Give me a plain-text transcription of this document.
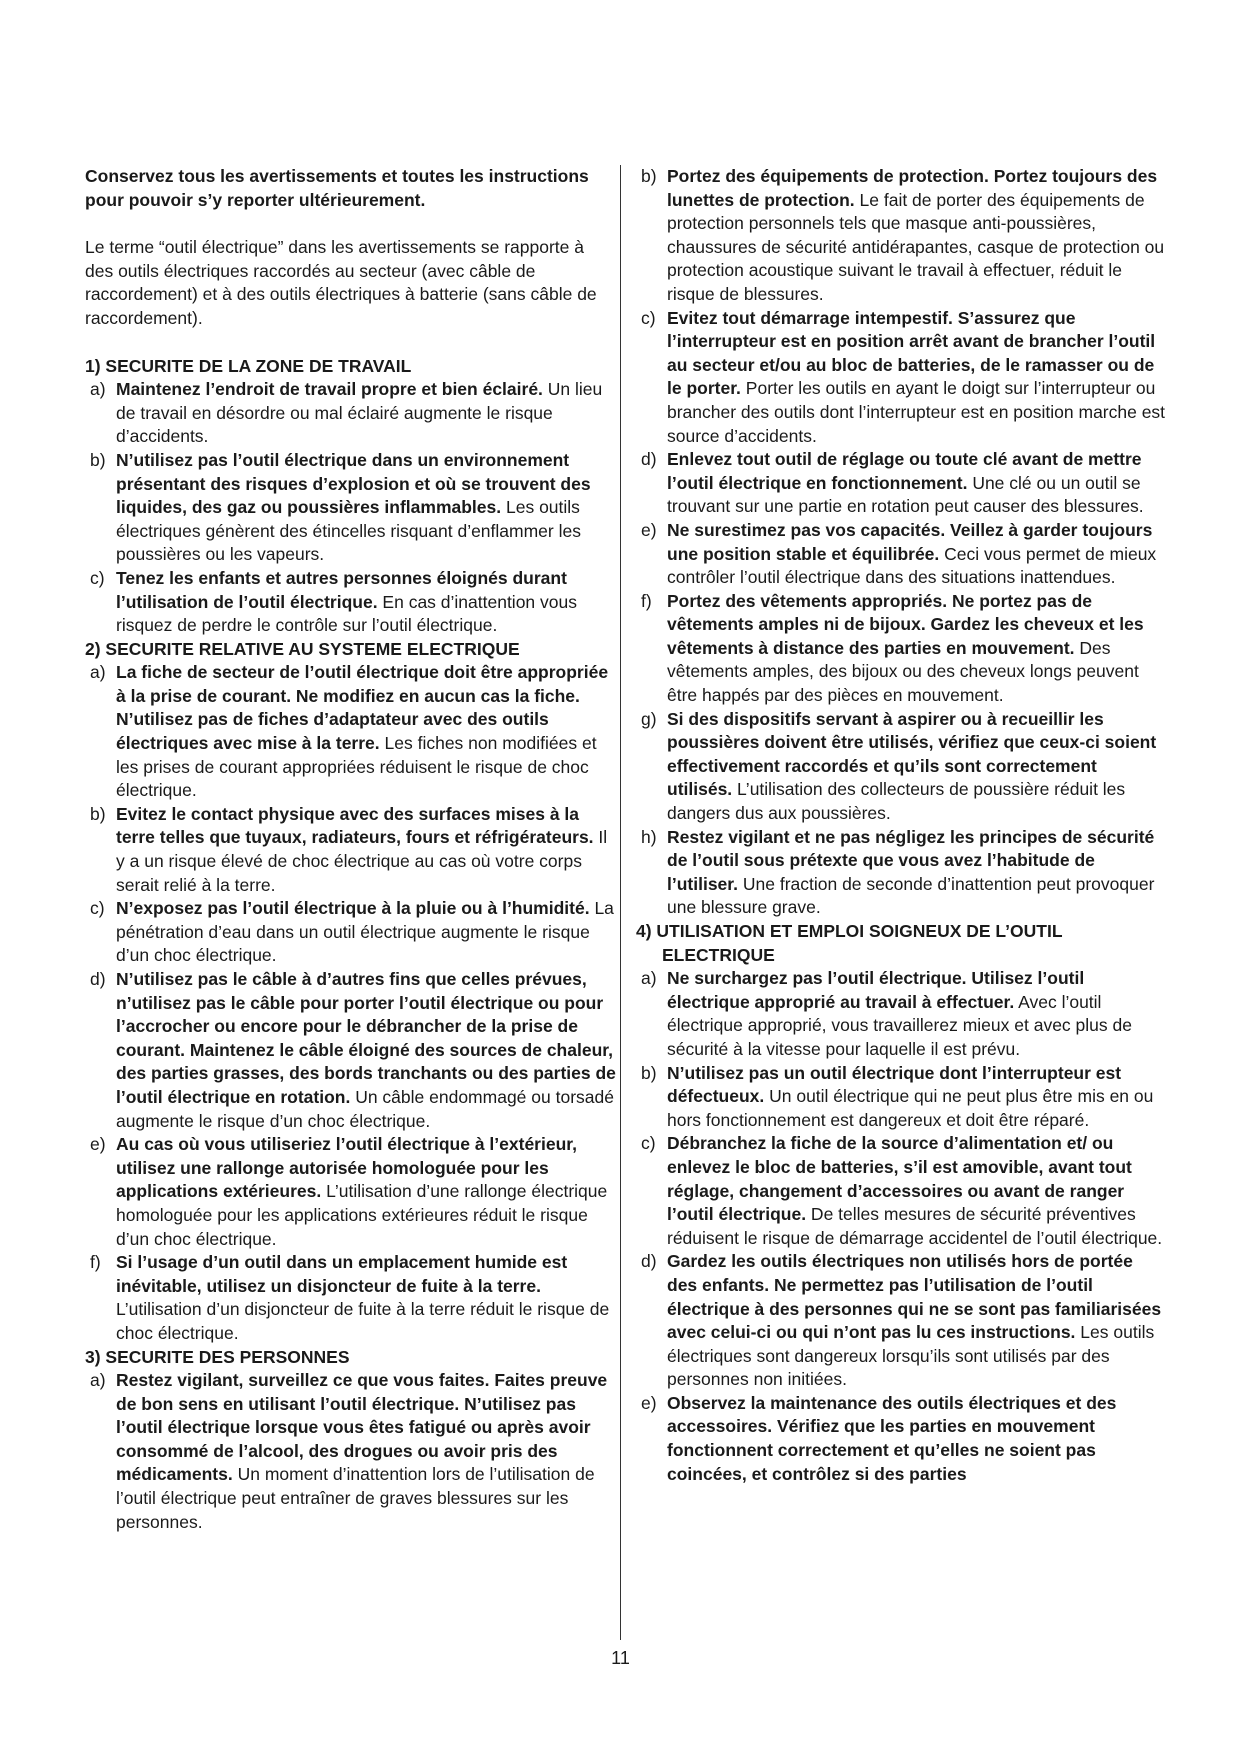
Conservez tous les avertissements et toutes les instructions pour pouvoir s’y reporter ultérieurement.

Le terme “outil électrique” dans les avertissements se rapporte à des outils électriques raccordés au secteur (avec câble de raccordement) et à des outils électriques à batterie (sans câble de raccordement).

1) SECURITE DE LA ZONE DE TRAVAIL

a) Maintenez l’endroit de travail propre et bien éclairé. Un lieu de travail en désordre ou mal éclairé augmente le risque d’accidents.

b) N’utilisez pas l’outil électrique dans un environnement présentant des risques d’explosion et où se trouvent des liquides, des gaz ou poussières inflammables. Les outils électriques génèrent des étincelles risquant d’enflammer les poussières ou les vapeurs.

c) Tenez les enfants et autres personnes éloignés durant l’utilisation de l’outil électrique. En cas d’inattention vous risquez de perdre le contrôle sur l’outil électrique.

2) SECURITE RELATIVE AU SYSTEME ELECTRIQUE

a) La fiche de secteur de l’outil électrique doit être appropriée à la prise de courant. Ne modifiez en aucun cas la fiche. N’utilisez pas de fiches d’adaptateur avec des outils électriques avec mise à la terre. Les fiches non modifiées et les prises de courant appropriées réduisent le risque de choc électrique.

b) Evitez le contact physique avec des surfaces mises à la terre telles que tuyaux, radiateurs, fours et réfrigérateurs. Il y a un risque élevé de choc électrique au cas où votre corps serait relié à la terre.

c) N’exposez pas l’outil électrique à la pluie ou à l’humidité. La pénétration d’eau dans un outil électrique augmente le risque d’un choc électrique.

d) N’utilisez pas le câble à d’autres fins que celles prévues, n’utilisez pas le câble pour porter l’outil électrique ou pour l’accrocher ou encore pour le débrancher de la prise de courant. Maintenez le câble éloigné des sources de chaleur, des parties grasses, des bords tranchants ou des parties de l’outil électrique en rotation. Un câble endommagé ou torsadé augmente le risque d’un choc électrique.

e) Au cas où vous utiliseriez l’outil électrique à l’extérieur, utilisez une rallonge autorisée homologuée pour les applications extérieures. L’utilisation d’une rallonge électrique homologuée pour les applications extérieures réduit le risque d’un choc électrique.

f) Si l’usage d’un outil dans un emplacement humide est inévitable, utilisez un disjoncteur de fuite à la terre. L’utilisation d’un disjoncteur de fuite à la terre réduit le risque de choc électrique.

3) SECURITE DES PERSONNES

a) Restez vigilant, surveillez ce que vous faites. Faites preuve de bon sens en utilisant l’outil électrique. N’utilisez pas l’outil électrique lorsque vous êtes fatigué ou après avoir consommé de l’alcool, des drogues ou avoir pris des médicaments. Un moment d’inattention lors de l’utilisation de l’outil électrique peut entraîner de graves blessures sur les personnes.

b) Portez des équipements de protection. Portez toujours des lunettes de protection. Le fait de porter des équipements de protection personnels tels que masque anti-poussières, chaussures de sécurité antidérapantes, casque de protection ou protection acoustique suivant le travail à effectuer, réduit le risque de blessures.

c) Evitez tout démarrage intempestif. S’assurez que l’interrupteur est en position arrêt avant de brancher l’outil au secteur et/ou au bloc de batteries, de le ramasser ou de le porter. Porter les outils en ayant le doigt sur l’interrupteur ou brancher des outils dont l’interrupteur est en position marche est source d’accidents.

d) Enlevez tout outil de réglage ou toute clé avant de mettre l’outil électrique en fonctionnement. Une clé ou un outil se trouvant sur une partie en rotation peut causer des blessures.

e) Ne surestimez pas vos capacités. Veillez à garder toujours une position stable et équilibrée. Ceci vous permet de mieux contrôler l’outil électrique dans des situations inattendues.

f) Portez des vêtements appropriés. Ne portez pas de vêtements amples ni de bijoux. Gardez les cheveux et les vêtements à distance des parties en mouvement. Des vêtements amples, des bijoux ou des cheveux longs peuvent être happés par des pièces en mouvement.

g) Si des dispositifs servant à aspirer ou à recueillir les poussières doivent être utilisés, vérifiez que ceux-ci soient effectivement raccordés et qu’ils sont correctement utilisés. L’utilisation des collecteurs de poussière réduit les dangers dus aux poussières.

h) Restez vigilant et ne pas négligez les principes de sécurité de l’outil sous prétexte que vous avez l’habitude de l’utiliser. Une fraction de seconde d’inattention peut provoquer une blessure grave.

4) UTILISATION ET EMPLOI SOIGNEUX DE L’OUTIL ELECTRIQUE

a) Ne surchargez pas l’outil électrique. Utilisez l’outil électrique approprié au travail à effectuer. Avec l’outil électrique approprié, vous travaillerez mieux et avec plus de sécurité à la vitesse pour laquelle il est prévu.

b) N’utilisez pas un outil électrique dont l’interrupteur est défectueux. Un outil électrique qui ne peut plus être mis en ou hors fonctionnement est dangereux et doit être réparé.

c) Débranchez la fiche de la source d’alimentation et/ ou enlevez le bloc de batteries, s’il est amovible, avant tout réglage, changement d’accessoires ou avant de ranger l’outil électrique. De telles mesures de sécurité préventives réduisent le risque de démarrage accidentel de l’outil électrique.

d) Gardez les outils électriques non utilisés hors de portée des enfants. Ne permettez pas l’utilisation de l’outil électrique à des personnes qui ne se sont pas familiarisées avec celui-ci ou qui n’ont pas lu ces instructions. Les outils électriques sont dangereux lorsqu’ils sont utilisés par des personnes non initiées.

e) Observez la maintenance des outils électriques et des accessoires. Vérifiez que les parties en mouvement fonctionnent correctement et qu’elles ne soient pas coincées, et contrôlez si des parties

11
